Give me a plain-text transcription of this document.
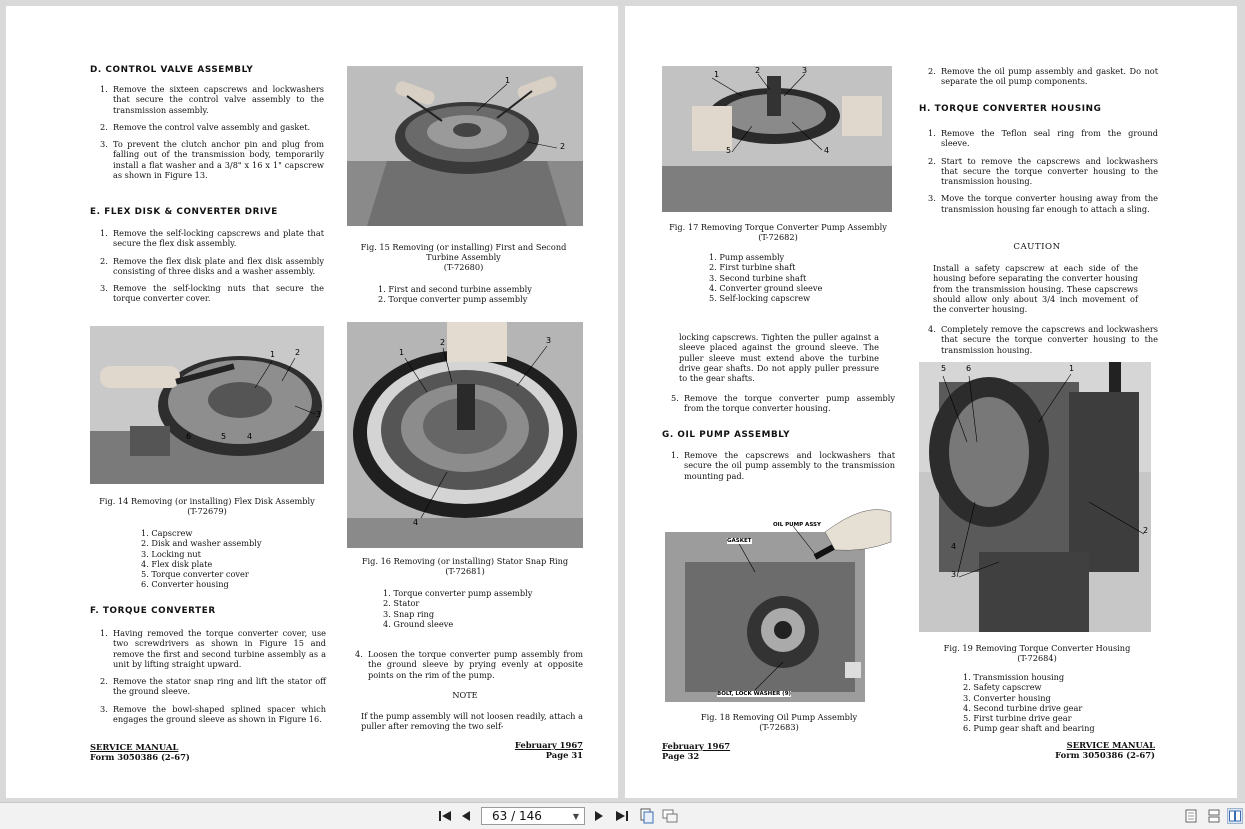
D. CONTROL VALVE ASSEMBLY
1. Remove the sixteen capscrews and lockwashers that secure the control valve assembly to the transmission assembly.
2. Remove the control valve assembly and gasket.
3. To prevent the clutch anchor pin and plug from falling out of the transmission body, temporarily install a flat washer and a 3/8" x 16 x 1" capscrew as shown in Figure 13.
E. FLEX DISK & CONVERTER DRIVE
1. Remove the self-locking capscrews and plate that secure the flex disk assembly.
2. Remove the flex disk plate and flex disk assembly consisting of three disks and a washer assembly.
3. Remove the self-locking nuts that secure the torque converter cover.
1
2
Fig. 15 Removing (or installing) First and Second Turbine Assembly
(T-72680)
1. First and second turbine assembly
2. Torque converter pump assembly
1 2
3
4
5
6
Fig. 14 Removing (or installing) Flex Disk Assembly
(T-72679)
1. Capscrew
2. Disk and washer assembly
3. Locking nut
4. Flex disk plate
5. Torque converter cover
6. Converter housing
1
2	3
4
Fig. 16 Removing (or installing) Stator Snap Ring
(T-72681)
1. Torque converter pump assembly
2. Stator
3. Snap ring
4. Ground sleeve
F. TORQUE CONVERTER
1. Having removed the torque converter cover, use two screwdrivers as shown in Figure 15 and remove the first and second turbine assembly as a unit by lifting straight upward.
2. Remove the stator snap ring and lift the stator off the ground sleeve.
3. Remove the bowl-shaped splined spacer which engages the ground sleeve as shown in Figure 16.
4. Loosen the torque converter pump assembly from the ground sleeve by prying evenly at opposite points on the rim of the pump.
NOTE
If the pump assembly will not loosen readily, attach a puller after removing the two self-
SERVICE MANUAL
Form 3050386 (2-67)
February 1967
Page 31
1	2	3
4
5
Fig. 17 Removing Torque Converter Pump Assembly
(T-72682)
1. Pump assembly
2. First turbine shaft
3. Second turbine shaft
4. Converter ground sleeve
5. Self-locking capscrew
locking capscrews. Tighten the puller against a sleeve placed against the ground sleeve. The puller sleeve must extend above the turbine drive gear shafts. Do not apply puller pressure to the gear shafts.
5. Remove the torque converter pump assembly from the torque converter housing.
G. OIL PUMP ASSEMBLY
1. Remove the capscrews and lockwashers that secure the oil pump assembly to the transmission mounting pad.
OIL PUMP ASSY
GASKET
BOLT, LOCK WASHER (9)
Fig. 18 Removing Oil Pump Assembly
(T-72683)
2. Remove the oil pump assembly and gasket. Do not separate the oil pump components.
H. TORQUE CONVERTER HOUSING
1. Remove the Teflon seal ring from the ground sleeve.
2. Start to remove the capscrews and lockwashers that secure the torque converter housing to the transmission housing.
3. Move the torque converter housing away from the transmission housing far enough to attach a sling.
CAUTION
Install a safety capscrew at each side of the housing before separating the converter housing from the transmission housing. These capscrews should allow only about 3/4 inch movement of the converter housing.
4. Completely remove the capscrews and lockwashers that secure the torque converter housing to the transmission housing.
5 6	1
2
4
3
Fig. 19 Removing Torque Converter Housing
(T-72684)
1. Transmission housing
2. Safety capscrew
3. Converter housing
4. Second turbine drive gear
5. First turbine drive gear
6. Pump gear shaft and bearing
February 1967
Page 32
SERVICE MANUAL
Form 3050386 (2-67)
63 / 146	▼
